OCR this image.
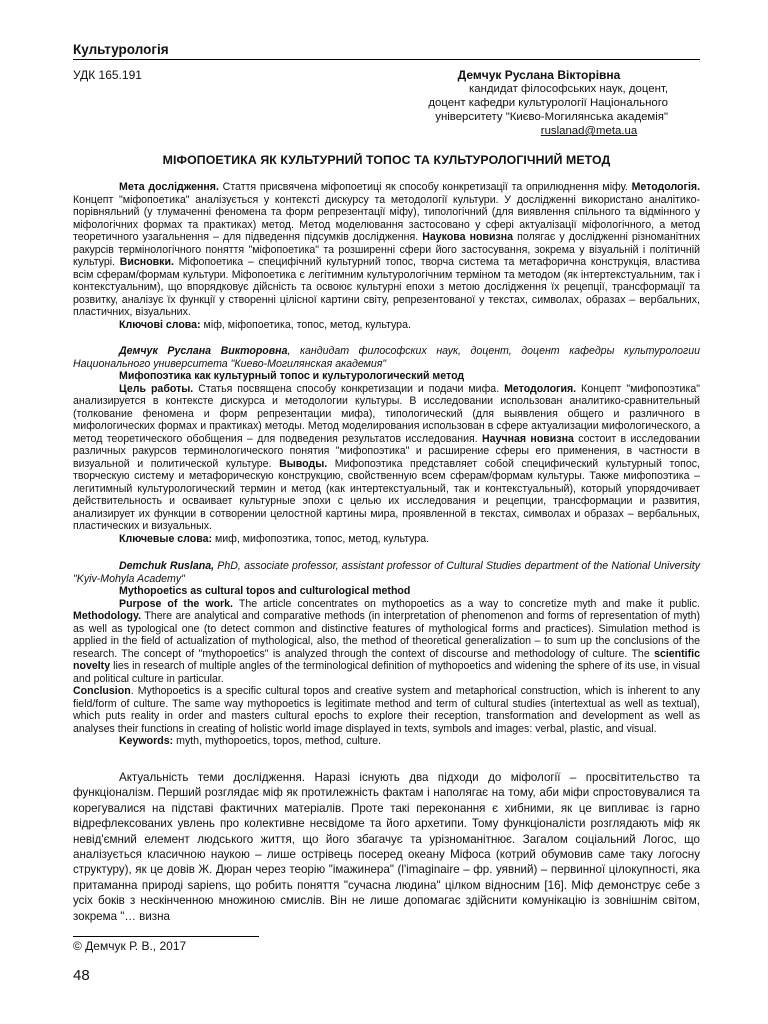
Культурологія
УДК 165.191	Демчук Руслана Вікторівна
кандидат філософських наук, доцент,
доцент кафедри культурології Національного
університету "Києво-Могилянська академія"
ruslanad@meta.ua
МІФОПОЕТИКА ЯК КУЛЬТУРНИЙ ТОПОС ТА КУЛЬТУРОЛОГІЧНИЙ МЕТОД

Мета дослідження. Стаття присвячена міфопоетиці як способу конкретизації та оприлюднення міфу. Методологія. Концепт "міфопоетика" аналізується у контексті дискурсу та методології культури. У дослідженні використано аналітико-порівняльний (у тлумаченні феномена та форм репрезентації міфу), типологічний (для виявлення спільного та відмінного у міфологічних формах та практиках) метод. Метод моделювання застосовано у сфері актуалізації міфологічного, а метод теоретичного узагальнення – для підведення підсумків дослідження. Наукова новизна полягає у дослідженні різноманітних ракурсів термінологічного поняття "міфопоетика" та розширенні сфери його застосування, зокрема у візуальній і політичній культурі. Висновки. Міфопоетика – специфічний культурний топос, творча система та метафорична конструкція, властива всім сферам/формам культури. Міфопоетика є легітимним культурологічним терміном та методом (як інтертекстуальним, так і контекстуальним), що впорядковує дійсність та освоює культурні епохи з метою дослідження їх рецепції, трансформації та розвитку, аналізує їх функції у створенні цілісної картини світу, репрезентованої у текстах, символах, образах – вербальних, пластичних, візуальних.

Ключові слова: міф, міфопоетика, топос, метод, культура.

Демчук Руслана Викторовна, кандидат философских наук, доцент, доцент кафедры культурологии Национального университета "Киево-Могилянская академия"

Мифопоэтика как культурный топос и культурологический метод

Цель работы. Статья посвящена способу конкретизации и подачи мифа. Методология. Концепт "мифопоэтика" анализируется в контексте дискурса и методологии культуры. В исследовании использован аналитико-сравнительный (толкование феномена и форм репрезентации мифа), типологический (для выявления общего и различного в мифологических формах и практиках) методы. Метод моделирования использован в сфере актуализации мифологического, а метод теоретического обобщения – для подведения результатов исследования. Научная новизна состоит в исследовании различных ракурсов терминологического понятия "мифопоэтика" и расширение сферы его применения, в частности в визуальной и политической культуре. Выводы. Мифопоэтика представляет собой специфический культурный топос, творческую систему и метафорическую конструкцию, свойственную всем сферам/формам культуры. Также мифопоэтика – легитимный культурологический термин и метод (как интертекстуальный, так и контекстуальный), который упорядочивает действительность и осваивает культурные эпохи с целью их исследования и рецепции, трансформации и развития, анализирует их функции в сотворении целостной картины мира, проявленной в текстах, символах и образах – вербальных, пластических и визуальных.

Ключевые слова: миф, мифопоэтика, топос, метод, культура.

Demchuk Ruslana, PhD, associate professor, assistant professor of Cultural Studies department of the National University "Kyiv-Mohyla Academy"

Mythopoetics as cultural topos and culturological method

Purpose of the work. The article concentrates on mythopoetics as a way to concretize myth and make it public. Methodology. There are analytical and comparative methods (in interpretation of phenomenon and forms of representation of myth) as well as typological one (to detect common and distinctive features of mythological forms and practices). Simulation method is applied in the field of actualization of mythological, also, the method of theoretical generalization – to sum up the conclusions of the research. The concept of "mythopoetics" is analyzed through the context of discourse and methodology of culture. The scientific novelty lies in research of multiple angles of the terminological definition of mythopoetics and widening the sphere of its use, in visual and political culture in particular.

Conclusion. Mythopoetics is a specific cultural topos and creative system and metaphorical construction, which is inherent to any field/form of culture. The same way mythopoetics is legitimate method and term of cultural studies (intertextual as well as textual), which puts reality in order and masters cultural epochs to explore their reception, transformation and development as well as analyses their functions in creating of holistic world image displayed in texts, symbols and images: verbal, plastic, and visual.

Keywords: myth, mythopoetics, topos, method, culture.

Актуальність теми дослідження. Наразі існують два підходи до міфології – просвітительство та функціоналізм. Перший розглядає міф як протилежність фактам і наполягає на тому, аби міфи спростовувалися та корегувалися на підставі фактичних матеріалів. Проте такі переконання є хибними, як це випливає із гарно відрефлексованих увлень про колективне несвідоме та його архетипи. Тому функціоналісти розглядають міф як невід'ємний елемент людського життя, що його збагачує та урізноманітнює. Загалом соціальний Логос, що аналізується класичною наукою – лише острівець посеред океану Міфоса (котрий обумовив саме таку логосну структуру), як це довів Ж. Дюран через теорію "імажинера" (l'imaginaire – фр. уявний) – первинної цілокупності, яка притаманна природі sapiens, що робить поняття "сучасна людина" цілком відносним [16]. Міф демонструє себе з усіх боків з нескінченною множиною смислів. Він не лише допомагає здійснити комунікацію із зовнішнім світом, зокрема "… визна

© Демчук Р. В., 2017
48
